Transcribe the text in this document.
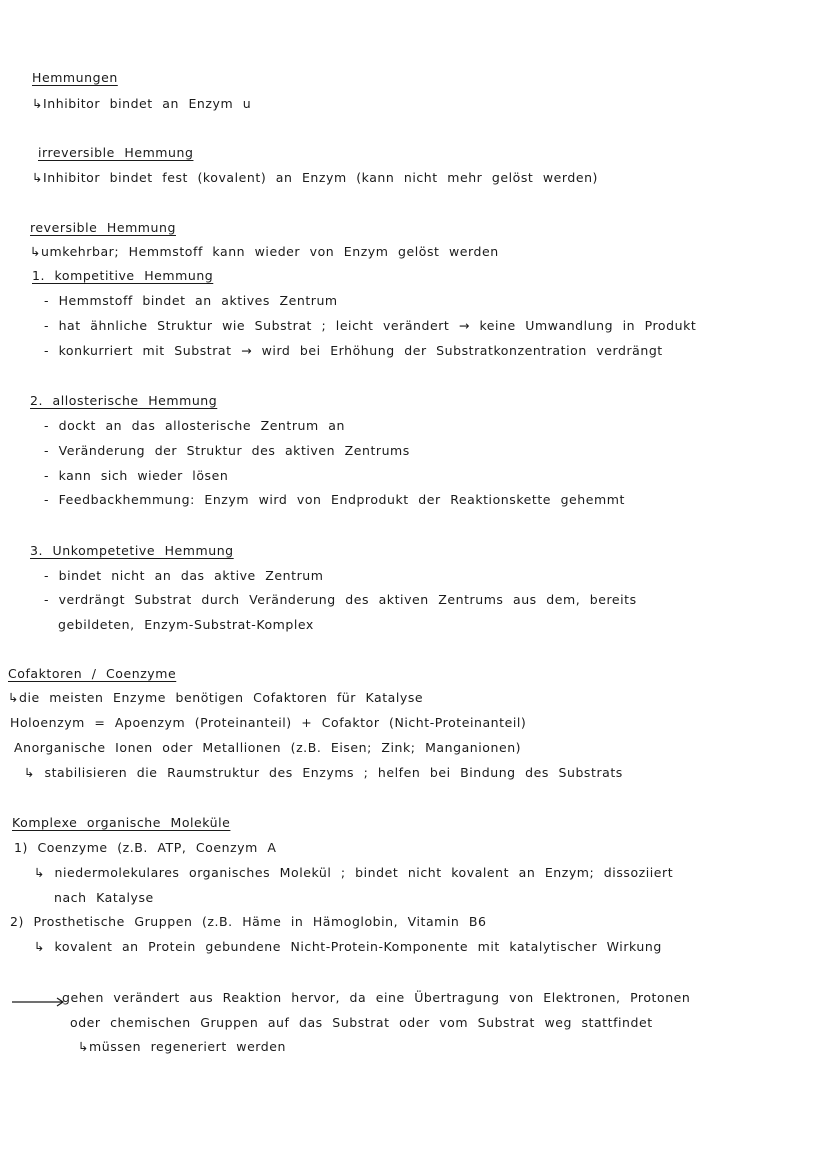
Hemmungen
↳Inhibitor bindet an Enzym u
irreversible Hemmung
↳Inhibitor bindet fest (kovalent) an Enzym (kann nicht mehr gelöst werden)
reversible Hemmung
↳umkehrbar; Hemmstoff kann wieder von Enzym gelöst werden
1. kompetitive Hemmung
- Hemmstoff bindet an aktives Zentrum
- hat ähnliche Struktur wie Substrat ; leicht verändert → keine Umwandlung in Produkt
- konkurriert mit Substrat → wird bei Erhöhung der Substratkonzentration verdrängt
2. allosterische Hemmung
- dockt an das allosterische Zentrum an
- Veränderung der Struktur des aktiven Zentrums
- kann sich wieder lösen
- Feedbackhemmung: Enzym wird von Endprodukt der Reaktionskette gehemmt
3. Unkompetetive Hemmung
- bindet nicht an das aktive Zentrum
- verdrängt Substrat durch Veränderung des aktiven Zentrums aus dem, bereits
gebildeten, Enzym-Substrat-Komplex
Cofaktoren / Coenzyme
↳die meisten Enzyme benötigen Cofaktoren für Katalyse
Holoenzym = Apoenzym (Proteinanteil) + Cofaktor (Nicht-Proteinanteil)
Anorganische Ionen oder Metallionen (z.B. Eisen; Zink; Manganionen)
↳ stabilisieren die Raumstruktur des Enzyms ; helfen bei Bindung des Substrats
Komplexe organische Moleküle
1) Coenzyme (z.B. ATP, Coenzym A
↳ niedermolekulares organisches Molekül ; bindet nicht kovalent an Enzym; dissoziiert
nach Katalyse
2) Prosthetische Gruppen (z.B. Häme in Hämoglobin, Vitamin B6
↳ kovalent an Protein gebundene Nicht-Protein-Komponente mit katalytischer Wirkung
gehen verändert aus Reaktion hervor, da eine Übertragung von Elektronen, Protonen
oder chemischen Gruppen auf das Substrat oder vom Substrat weg stattfindet
↳müssen regeneriert werden
